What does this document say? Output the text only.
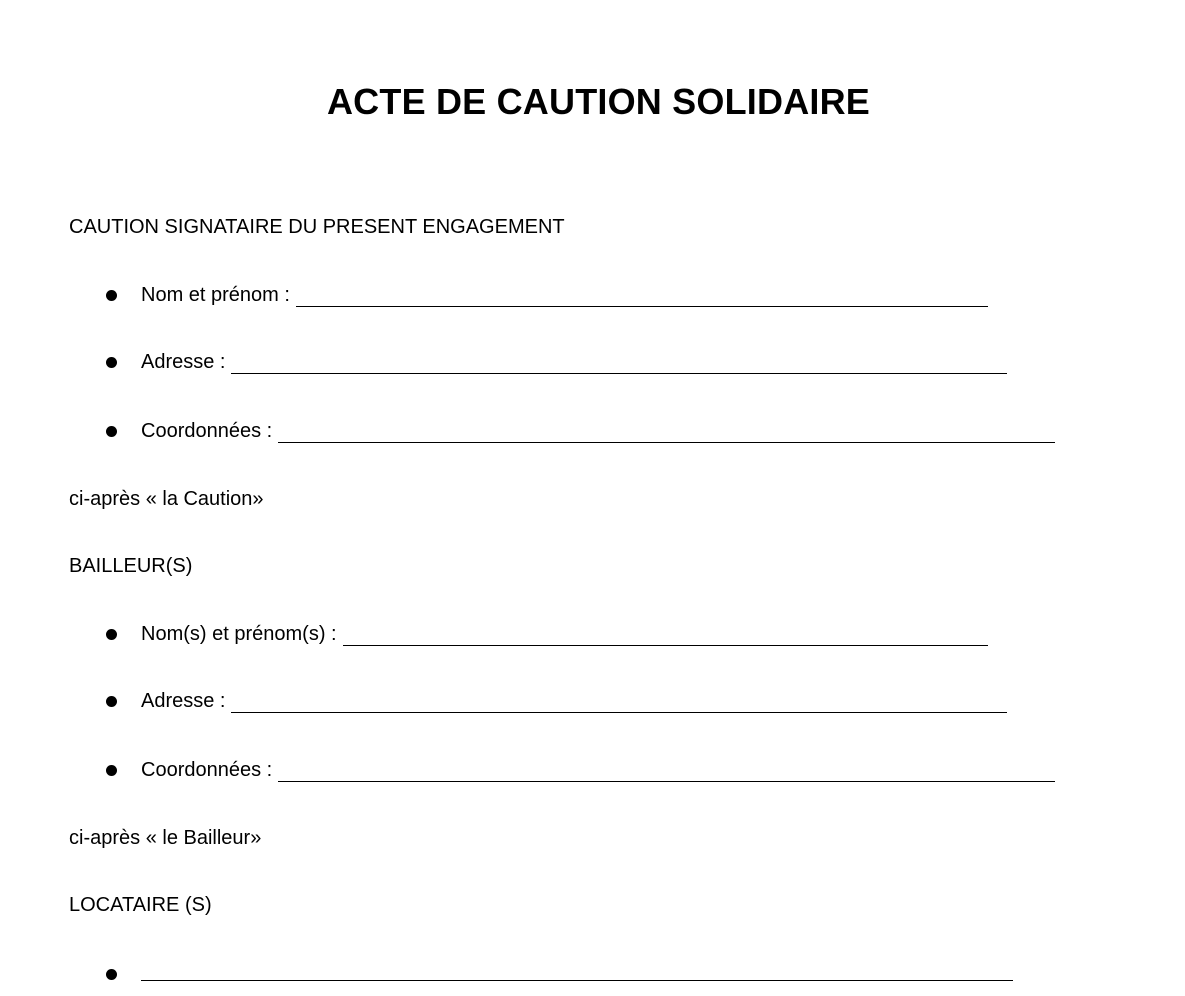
ACTE DE CAUTION SOLIDAIRE

CAUTION SIGNATAIRE DU PRESENT ENGAGEMENT

Nom et prénom :
Adresse :
Coordonnées :

ci-après « la Caution»

BAILLEUR(S)

Nom(s) et prénom(s) :
Adresse :
Coordonnées :

ci-après « le Bailleur»

LOCATAIRE (S)
